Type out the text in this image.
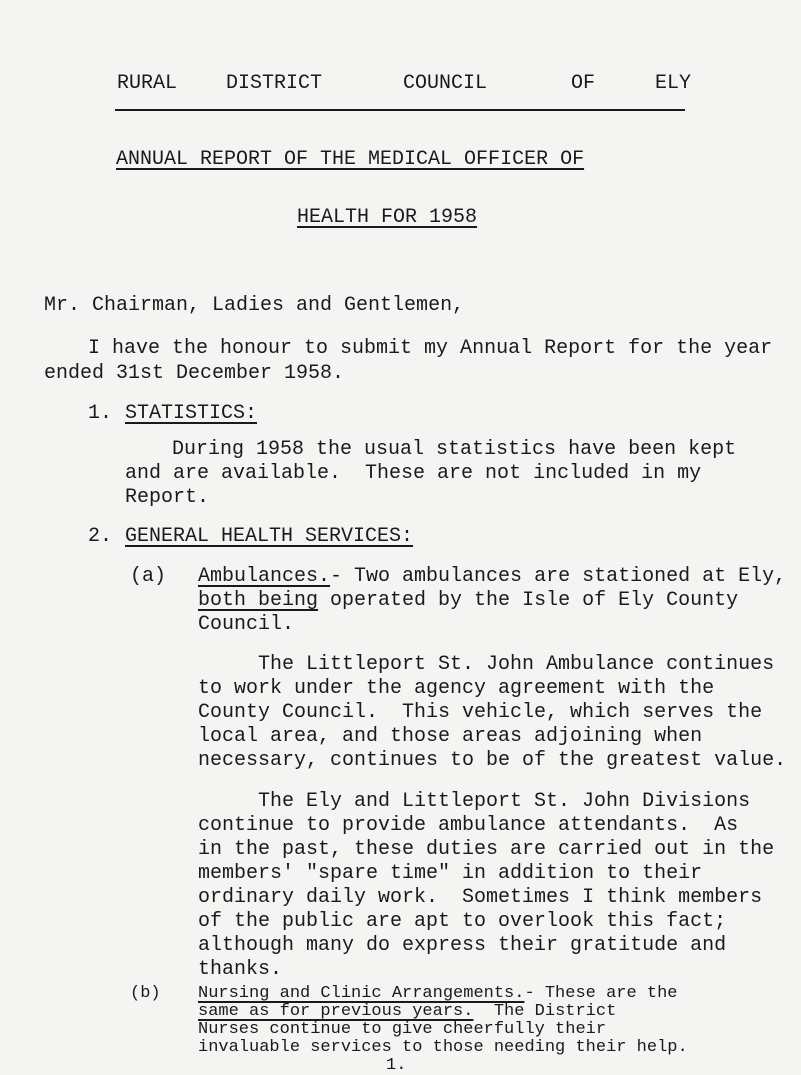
RURAL DISTRICT	COUNCIL	OF	ELY
ANNUAL REPORT OF THE MEDICAL OFFICER OF
HEALTH FOR 1958
Mr. Chairman, Ladies and Gentlemen,
I have the honour to submit my Annual Report for the year
ended 31st December 1958.
1. STATISTICS:
During 1958 the usual statistics have been kept
and are available.  These are not included in my
Report.
2. GENERAL HEALTH SERVICES:
(a) Ambulances.- Two ambulances are stationed at Ely,
both being operated by the Isle of Ely County
Council.
The Littleport St. John Ambulance continues
to work under the agency agreement with the
County Council.  This vehicle, which serves the
local area, and those areas adjoining when
necessary, continues to be of the greatest value.
The Ely and Littleport St. John Divisions
continue to provide ambulance attendants.  As
in the past, these duties are carried out in the
members' "spare time" in addition to their
ordinary daily work.  Sometimes I think members
of the public are apt to overlook this fact;
although many do express their gratitude and
thanks.
(b) Nursing and Clinic Arrangements.- These are the
same as for previous years.  The District
Nurses continue to give cheerfully their
invaluable services to those needing their help.
1.
